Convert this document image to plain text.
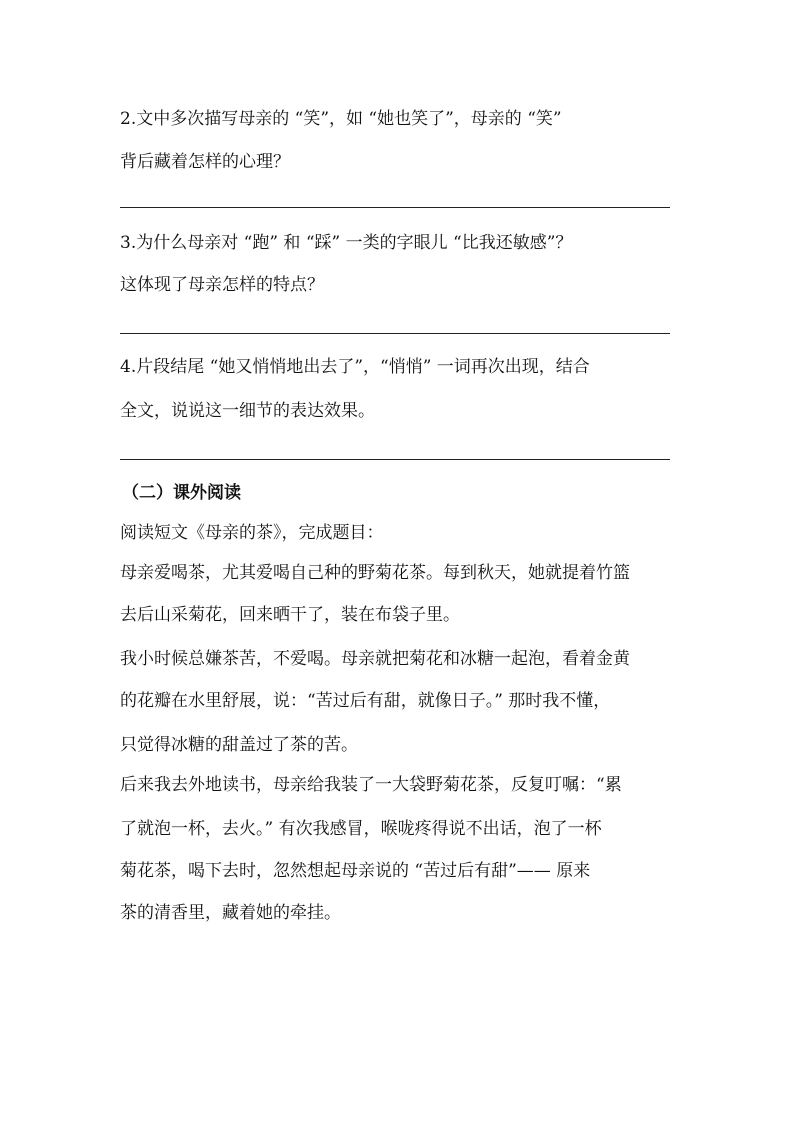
2.文中多次描写母亲的 “笑”，如 “她也笑了”，母亲的 “笑”
背后藏着怎样的心理？
3.为什么母亲对 “跑” 和 “踩” 一类的字眼儿 “比我还敏感”？
这体现了母亲怎样的特点？
4.片段结尾 “她又悄悄地出去了”，“悄悄” 一词再次出现，结合
全文，说说这一细节的表达效果。
（二）课外阅读
阅读短文《母亲的茶》，完成题目：
母亲爱喝茶，尤其爱喝自己种的野菊花茶。每到秋天，她就提着竹篮
去后山采菊花，回来晒干了，装在布袋子里。
我小时候总嫌茶苦，不爱喝。母亲就把菊花和冰糖一起泡，看着金黄
的花瓣在水里舒展，说：“苦过后有甜，就像日子。” 那时我不懂，
只觉得冰糖的甜盖过了茶的苦。
后来我去外地读书，母亲给我装了一大袋野菊花茶，反复叮嘱：“累
了就泡一杯，去火。” 有次我感冒，喉咙疼得说不出话，泡了一杯
菊花茶，喝下去时，忽然想起母亲说的 “苦过后有甜”—— 原来
茶的清香里，藏着她的牵挂。
